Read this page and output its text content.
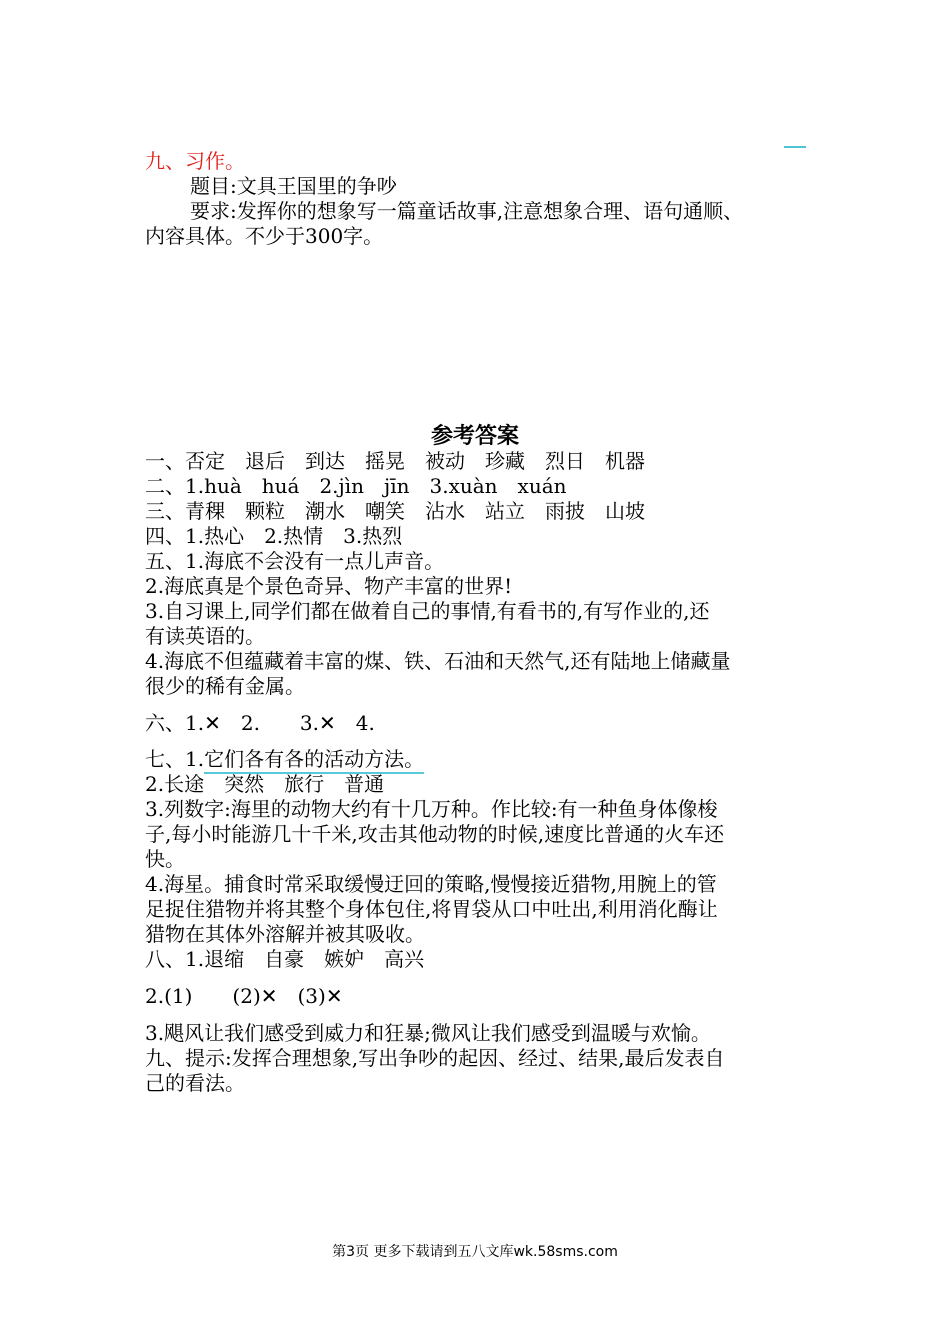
九、习作。
题目:文具王国里的争吵
要求:发挥你的想象写一篇童话故事,注意想象合理、语句通顺、
内容具体。不少于300字。
参考答案
一、否定　退后　到达　摇晃　被动　珍藏　烈日　机器
二、1.huà　huá　2.jìn　jīn　3.xuàn　xuán
三、青稞　颗粒　潮水　嘲笑　沾水　站立　雨披　山坡
四、1.热心　2.热情　3.热烈
五、1.海底不会没有一点儿声音。
2.海底真是个景色奇异、物产丰富的世界!
3.自习课上,同学们都在做着自己的事情,有看书的,有写作业的,还
有读英语的。
4.海底不但蕴藏着丰富的煤、铁、石油和天然气,还有陆地上储藏量
很少的稀有金属。
六、1.✕　2.　　3.✕　4.
七、1.它们各有各的活动方法。
2.长途　突然　旅行　普通
3.列数字:海里的动物大约有十几万种。作比较:有一种鱼身体像梭
子,每小时能游几十千米,攻击其他动物的时候,速度比普通的火车还
快。
4.海星。捕食时常采取缓慢迂回的策略,慢慢接近猎物,用腕上的管
足捉住猎物并将其整个身体包住,将胃袋从口中吐出,利用消化酶让
猎物在其体外溶解并被其吸收。
八、1.退缩　自豪　嫉妒　高兴
2.(1)　　(2)✕　(3)✕
3.飓风让我们感受到威力和狂暴;微风让我们感受到温暖与欢愉。
九、提示:发挥合理想象,写出争吵的起因、经过、结果,最后发表自
己的看法。
第3页 更多下载请到五八文库wk.58sms.com
